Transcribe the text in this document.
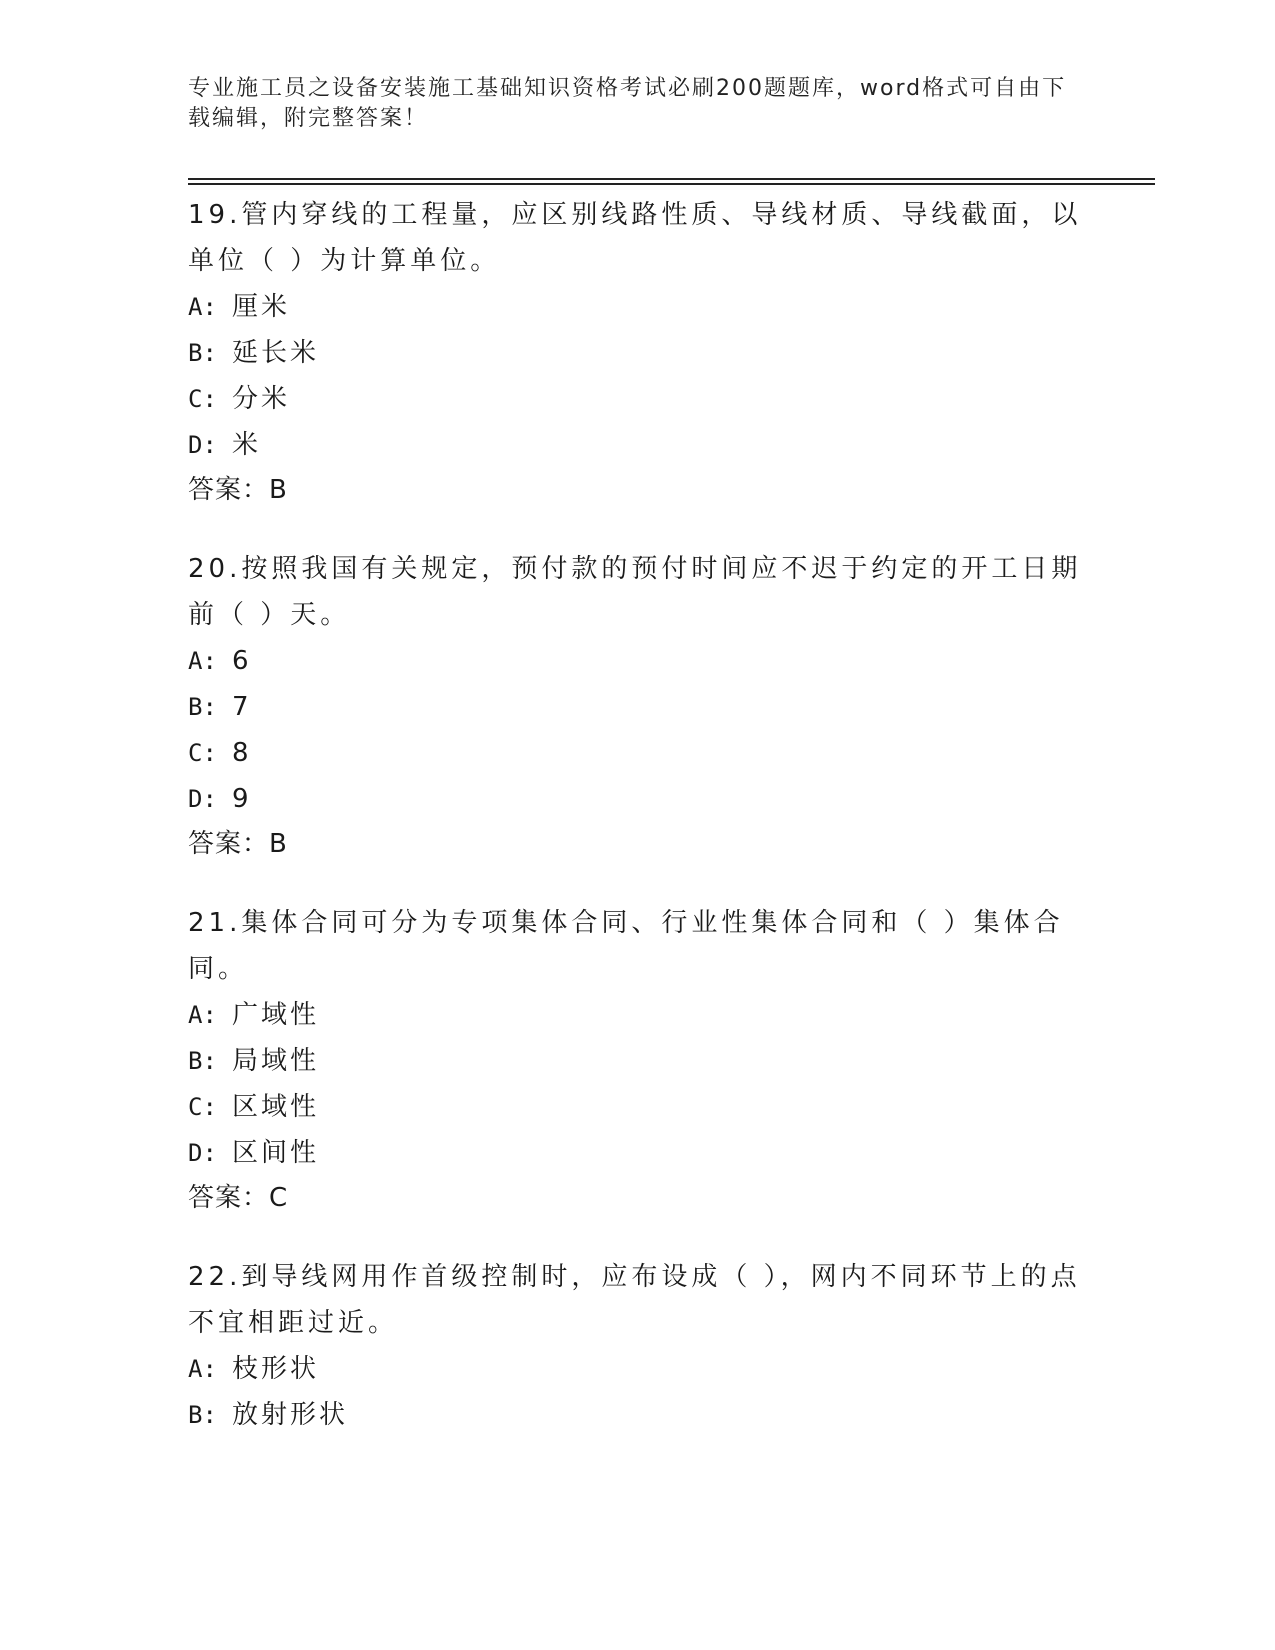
专业施工员之设备安装施工基础知识资格考试必刷200题题库，word格式可自由下载编辑，附完整答案！

19.管内穿线的工程量，应区别线路性质、导线材质、导线截面，以单位（ ）为计算单位。

A: 厘米

B: 延长米

C: 分米

D: 米

答案：B

20.按照我国有关规定，预付款的预付时间应不迟于约定的开工日期前（ ）天。

A: 6

B: 7

C: 8

D: 9

答案：B

21.集体合同可分为专项集体合同、行业性集体合同和（ ）集体合同。

A: 广域性

B: 局域性

C: 区域性

D: 区间性

答案：C

22.到导线网用作首级控制时，应布设成（ ），网内不同环节上的点不宜相距过近。

A: 枝形状

B: 放射形状
